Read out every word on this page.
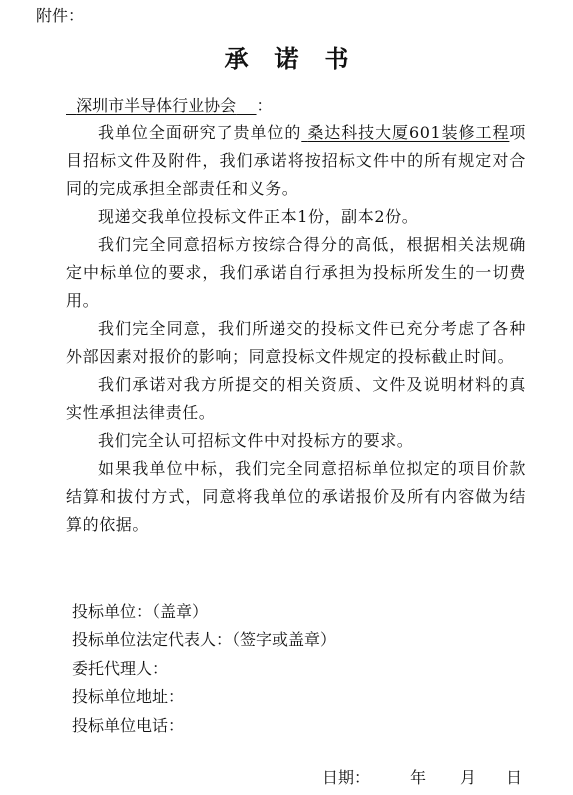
附件：
承诺书
深圳市半导体行业协会 ：

我单位全面研究了贵单位的 桑达科技大厦601装修工程项目招标文件及附件，我们承诺将按招标文件中的所有规定对合同的完成承担全部责任和义务。

现递交我单位投标文件正本1份，副本2份。

我们完全同意招标方按综合得分的高低，根据相关法规确定中标单位的要求，我们承诺自行承担为投标所发生的一切费用。

我们完全同意，我们所递交的投标文件已充分考虑了各种外部因素对报价的影响；同意投标文件规定的投标截止时间。

我们承诺对我方所提交的相关资质、文件及说明材料的真实性承担法律责任。

我们完全认可招标文件中对投标方的要求。

如果我单位中标，我们完全同意招标单位拟定的项目价款结算和拔付方式，同意将我单位的承诺报价及所有内容做为结算的依据。

投标单位：（盖章）
投标单位法定代表人：（签字或盖章）
委托代理人：
投标单位地址：
投标单位电话：
日期： 年 月 日
